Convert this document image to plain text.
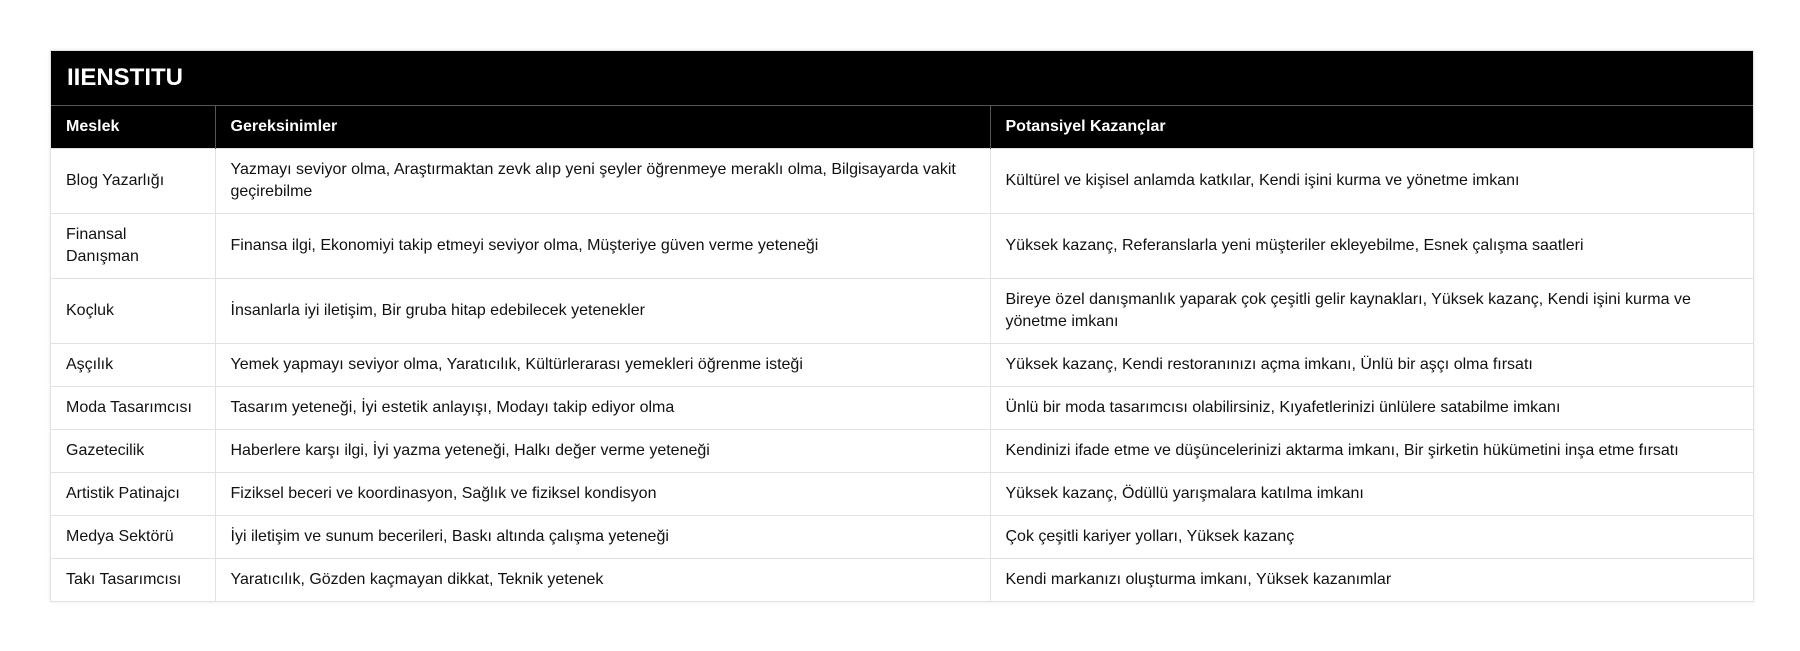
IIENSTITU
Meslek	Gereksinimler	Potansiyel Kazançlar
Blog Yazarlığı	Yazmayı seviyor olma, Araştırmaktan zevk alıp yeni şeyler öğrenmeye meraklı olma, Bilgisayarda vakit geçirebilme	Kültürel ve kişisel anlamda katkılar, Kendi işini kurma ve yönetme imkanı
Finansal Danışman	Finansa ilgi, Ekonomiyi takip etmeyi seviyor olma, Müşteriye güven verme yeteneği	Yüksek kazanç, Referanslarla yeni müşteriler ekleyebilme, Esnek çalışma saatleri
Koçluk	İnsanlarla iyi iletişim, Bir gruba hitap edebilecek yetenekler	Bireye özel danışmanlık yaparak çok çeşitli gelir kaynakları, Yüksek kazanç, Kendi işini kurma ve yönetme imkanı
Aşçılık	Yemek yapmayı seviyor olma, Yaratıcılık, Kültürlerarası yemekleri öğrenme isteği	Yüksek kazanç, Kendi restoranınızı açma imkanı, Ünlü bir aşçı olma fırsatı
Moda Tasarımcısı	Tasarım yeteneği, İyi estetik anlayışı, Modayı takip ediyor olma	Ünlü bir moda tasarımcısı olabilirsiniz, Kıyafetlerinizi ünlülere satabilme imkanı
Gazetecilik	Haberlere karşı ilgi, İyi yazma yeteneği, Halkı değer verme yeteneği	Kendinizi ifade etme ve düşüncelerinizi aktarma imkanı, Bir şirketin hükümetini inşa etme fırsatı
Artistik Patinajcı	Fiziksel beceri ve koordinasyon, Sağlık ve fiziksel kondisyon	Yüksek kazanç, Ödüllü yarışmalara katılma imkanı
Medya Sektörü	İyi iletişim ve sunum becerileri, Baskı altında çalışma yeteneği	Çok çeşitli kariyer yolları, Yüksek kazanç
Takı Tasarımcısı	Yaratıcılık, Gözden kaçmayan dikkat, Teknik yetenek	Kendi markanızı oluşturma imkanı, Yüksek kazanımlar
